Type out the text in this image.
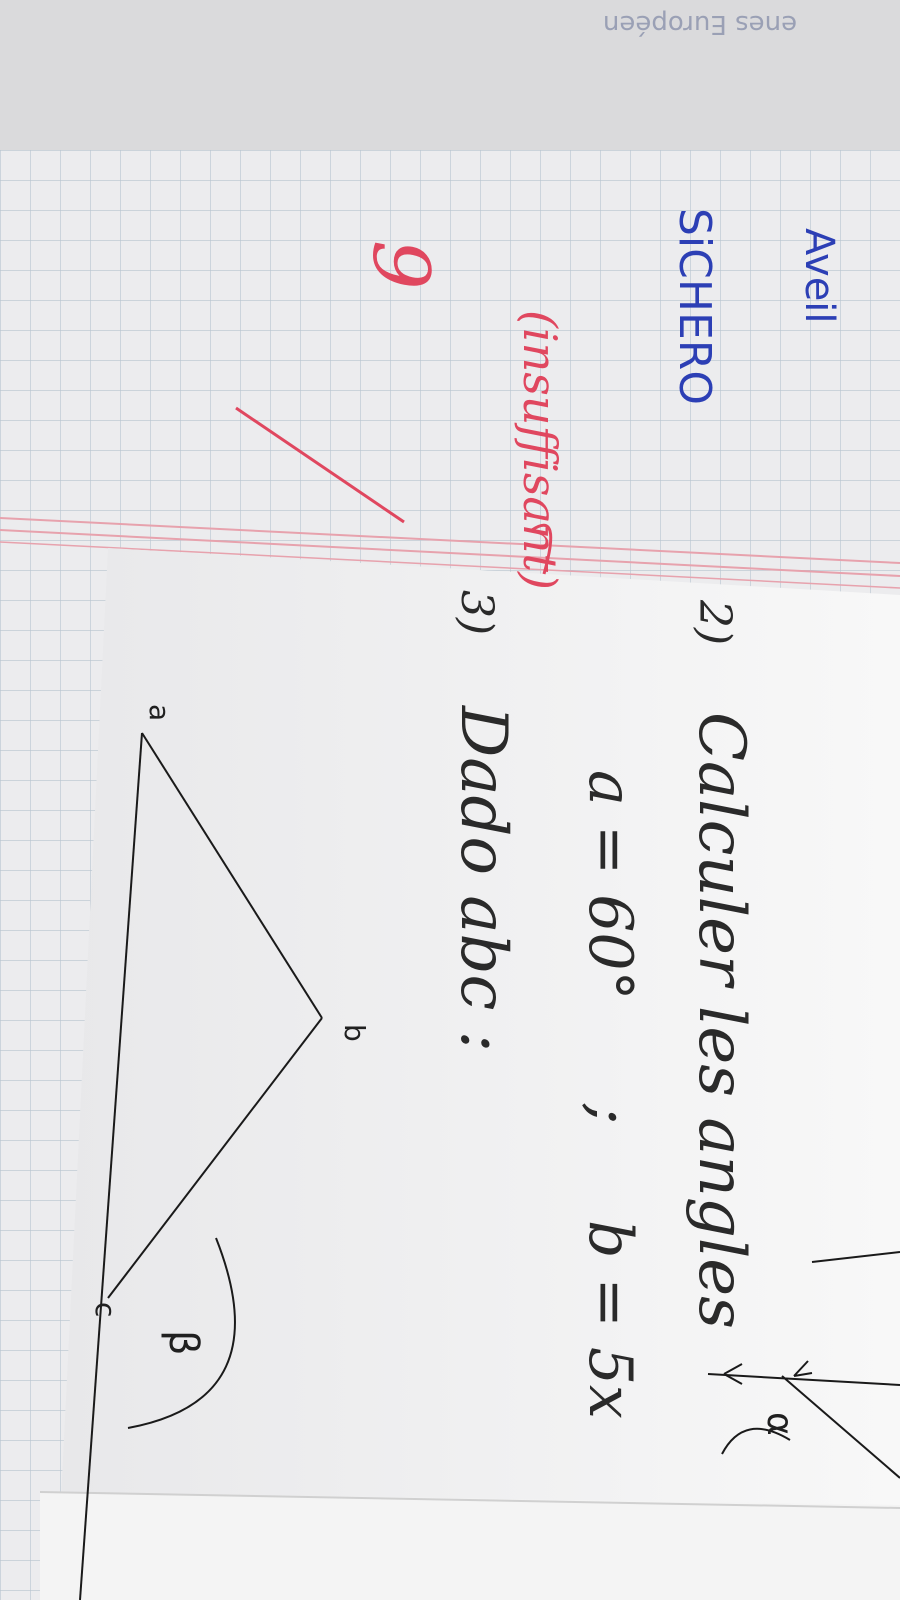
enes Européen
Aveil
SiCHERO
9
(insuffisant)
2)
Calculer les angles
a = 60°
;
b = 5x
3)
Dado abc :
a
b
c
β
α
